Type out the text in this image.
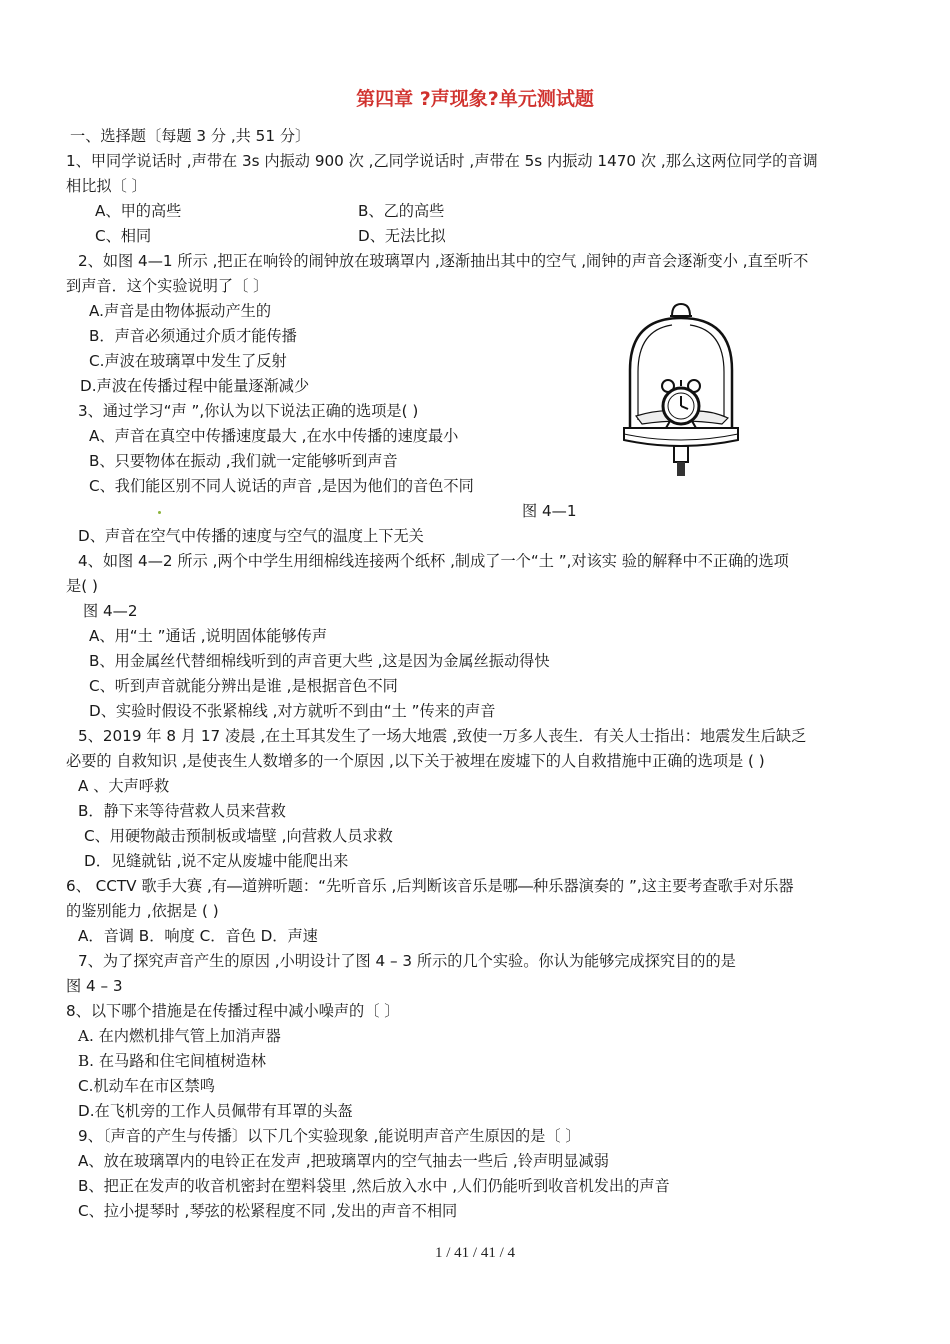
第四章 ?声现象?单元测试题
一、选择题〔每题 3 分 ,共 51 分〕
1、甲同学说话时 ,声带在 3s 内振动 900 次 ,乙同学说话时 ,声带在 5s 内振动 1470 次 ,那么这两位同学的音调
相比拟〔 〕
A、甲的高些	B、乙的高些
C、相同	D、无法比拟
2、如图 4—1 所示 ,把正在响铃的闹钟放在玻璃罩内 ,逐渐抽出其中的空气 ,闹钟的声音会逐渐变小 ,直至听不
到声音．这个实验说明了〔 〕
A.声音是由物体振动产生的
B．声音必须通过介质才能传播
C.声波在玻璃罩中发生了反射
D.声波在传播过程中能量逐渐减少
3、通过学习“声 ”,你认为以下说法正确的选项是( )
A、声音在真空中传播速度最大 ,在水中传播的速度最小
B、只要物体在振动 ,我们就一定能够听到声音
C、我们能区别不同人说话的声音 ,是因为他们的音色不同
图 4—1
D、声音在空气中传播的速度与空气的温度上下无关
4、如图 4—2 所示 ,两个中学生用细棉线连接两个纸杯 ,制成了一个“土 ”,对该实 验的解释中不正确的选项
是( )
图 4—2
A、用“土 ”通话 ,说明固体能够传声
B、用金属丝代替细棉线听到的声音更大些 ,这是因为金属丝振动得快
C、听到声音就能分辨出是谁 ,是根据音色不同
D、实验时假设不张紧棉线 ,对方就听不到由“土 ”传来的声音
5、2019 年 8 月 17 凌晨 ,在土耳其发生了一场大地震 ,致使一万多人丧生．有关人士指出：地震发生后缺乏
必要的 自救知识 ,是使丧生人数增多的一个原因 ,以下关于被埋在废墟下的人自救措施中正确的选项是 ( )
A 、大声呼救
B．静下来等待营救人员来营救
C、用硬物敲击预制板或墙壁 ,向营救人员求救
D．见缝就钻 ,说不定从废墟中能爬出来
6、 CCTV 歌手大赛 ,有―道辨听题：“先听音乐 ,后判断该音乐是哪―种乐器演奏的 ”,这主要考查歌手对乐器
的鉴别能力 ,依据是 ( )
A．音调 B．响度 C．音色 D．声速
7、为了探究声音产生的原因 ,小明设计了图 4 – 3 所示的几个实验。你认为能够完成探究目的的是
图 4 – 3
8、以下哪个措施是在传播过程中减小噪声的〔 〕
A. 在内燃机排气管上加消声器
B. 在马路和住宅间植树造林
C.机动车在市区禁鸣
D.在飞机旁的工作人员佩带有耳罩的头盔
9、〔声音的产生与传播〕以下几个实验现象 ,能说明声音产生原因的是〔 〕
A、放在玻璃罩内的电铃正在发声 ,把玻璃罩内的空气抽去一些后 ,铃声明显减弱
B、把正在发声的收音机密封在塑料袋里 ,然后放入水中 ,人们仍能听到收音机发出的声音
C、拉小提琴时 ,琴弦的松紧程度不同 ,发出的声音不相同
1 / 41 / 41 / 4
